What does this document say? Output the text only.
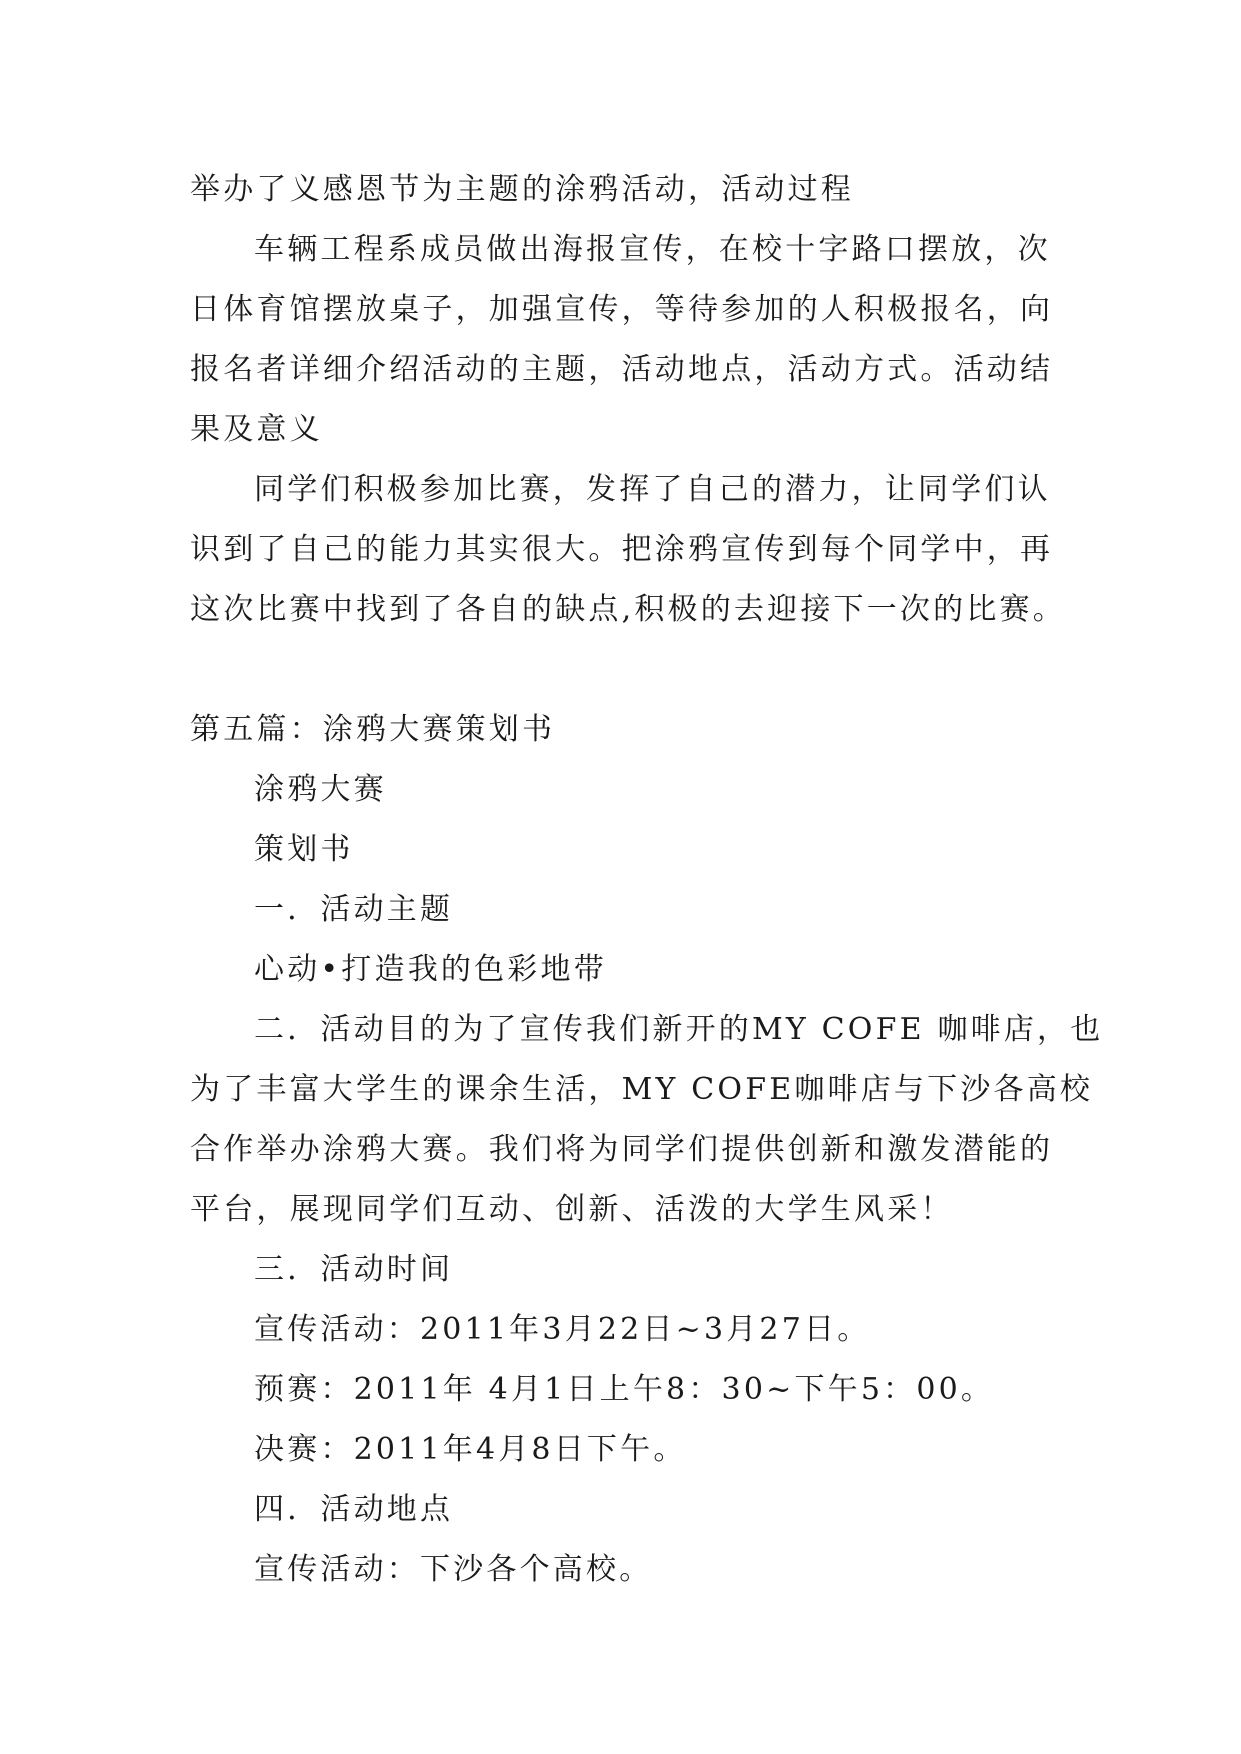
举办了义感恩节为主题的涂鸦活动，活动过程
车辆工程系成员做出海报宣传，在校十字路口摆放，次
日体育馆摆放桌子，加强宣传，等待参加的人积极报名，向
报名者详细介绍活动的主题，活动地点，活动方式。活动结
果及意义
同学们积极参加比赛，发挥了自己的潜力，让同学们认
识到了自己的能力其实很大。把涂鸦宣传到每个同学中，再
这次比赛中找到了各自的缺点,积极的去迎接下一次的比赛。
第五篇：涂鸦大赛策划书
涂鸦大赛
策划书
一．活动主题
心动•打造我的色彩地带
二．活动目的为了宣传我们新开的MY COFE 咖啡店，也
为了丰富大学生的课余生活，MY COFE咖啡店与下沙各高校
合作举办涂鸦大赛。我们将为同学们提供创新和激发潜能的
平台，展现同学们互动、创新、活泼的大学生风采！
三．活动时间
宣传活动：2011年3月22日~3月27日。
预赛：2011年 4月1日上午8：30~下午5：00。
决赛：2011年4月8日下午。
四．活动地点
宣传活动：下沙各个高校。
